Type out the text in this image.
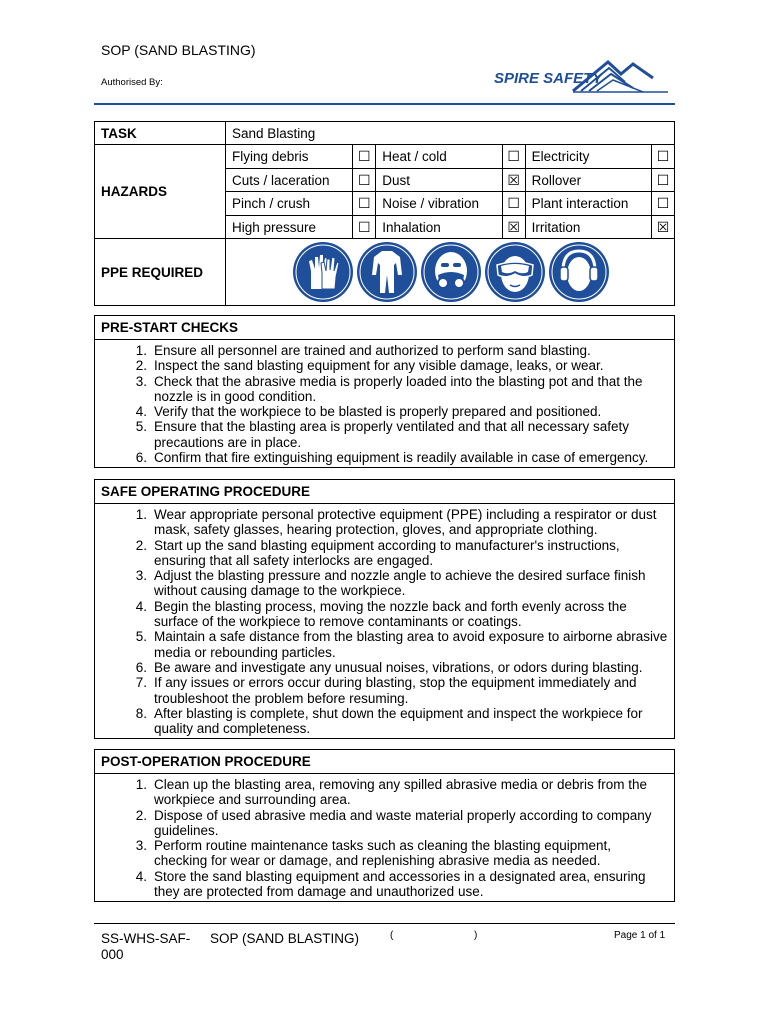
SOP (SAND BLASTING)
Authorised By:	SPIRE SAFETY
TASK	Sand Blasting					
HAZARDS	Flying debris	☐	Heat / cold	☐	Electricity	☐
	Cuts / laceration	☐	Dust	☒	Rollover	☐
	Pinch / crush	☐	Noise / vibration	☐	Plant interaction	☐
	High pressure	☐	Inhalation	☒	Irritation	☒
PPE REQUIRED	
PRE-START CHECKS
1. Ensure all personnel are trained and authorized to perform sand blasting.
2. Inspect the sand blasting equipment for any visible damage, leaks, or wear.
3. Check that the abrasive media is properly loaded into the blasting pot and that the nozzle is in good condition.
4. Verify that the workpiece to be blasted is properly prepared and positioned.
5. Ensure that the blasting area is properly ventilated and that all necessary safety precautions are in place.
6. Confirm that fire extinguishing equipment is readily available in case of emergency.
SAFE OPERATING PROCEDURE
1. Wear appropriate personal protective equipment (PPE) including a respirator or dust mask, safety glasses, hearing protection, gloves, and appropriate clothing.
2. Start up the sand blasting equipment according to manufacturer's instructions, ensuring that all safety interlocks are engaged.
3. Adjust the blasting pressure and nozzle angle to achieve the desired surface finish without causing damage to the workpiece.
4. Begin the blasting process, moving the nozzle back and forth evenly across the surface of the workpiece to remove contaminants or coatings.
5. Maintain a safe distance from the blasting area to avoid exposure to airborne abrasive media or rebounding particles.
6. Be aware and investigate any unusual noises, vibrations, or odors during blasting.
7. If any issues or errors occur during blasting, stop the equipment immediately and troubleshoot the problem before resuming.
8. After blasting is complete, shut down the equipment and inspect the workpiece for quality and completeness.
POST-OPERATION PROCEDURE
1. Clean up the blasting area, removing any spilled abrasive media or debris from the workpiece and surrounding area.
2. Dispose of used abrasive media and waste material properly according to company guidelines.
3. Perform routine maintenance tasks such as cleaning the blasting equipment, checking for wear or damage, and replenishing abrasive media as needed.
4. Store the sand blasting equipment and accessories in a designated area, ensuring they are protected from damage and unauthorized use.
SS-WHS-SAF-000
SOP (SAND BLASTING)	(	)	Page 1 of 1
